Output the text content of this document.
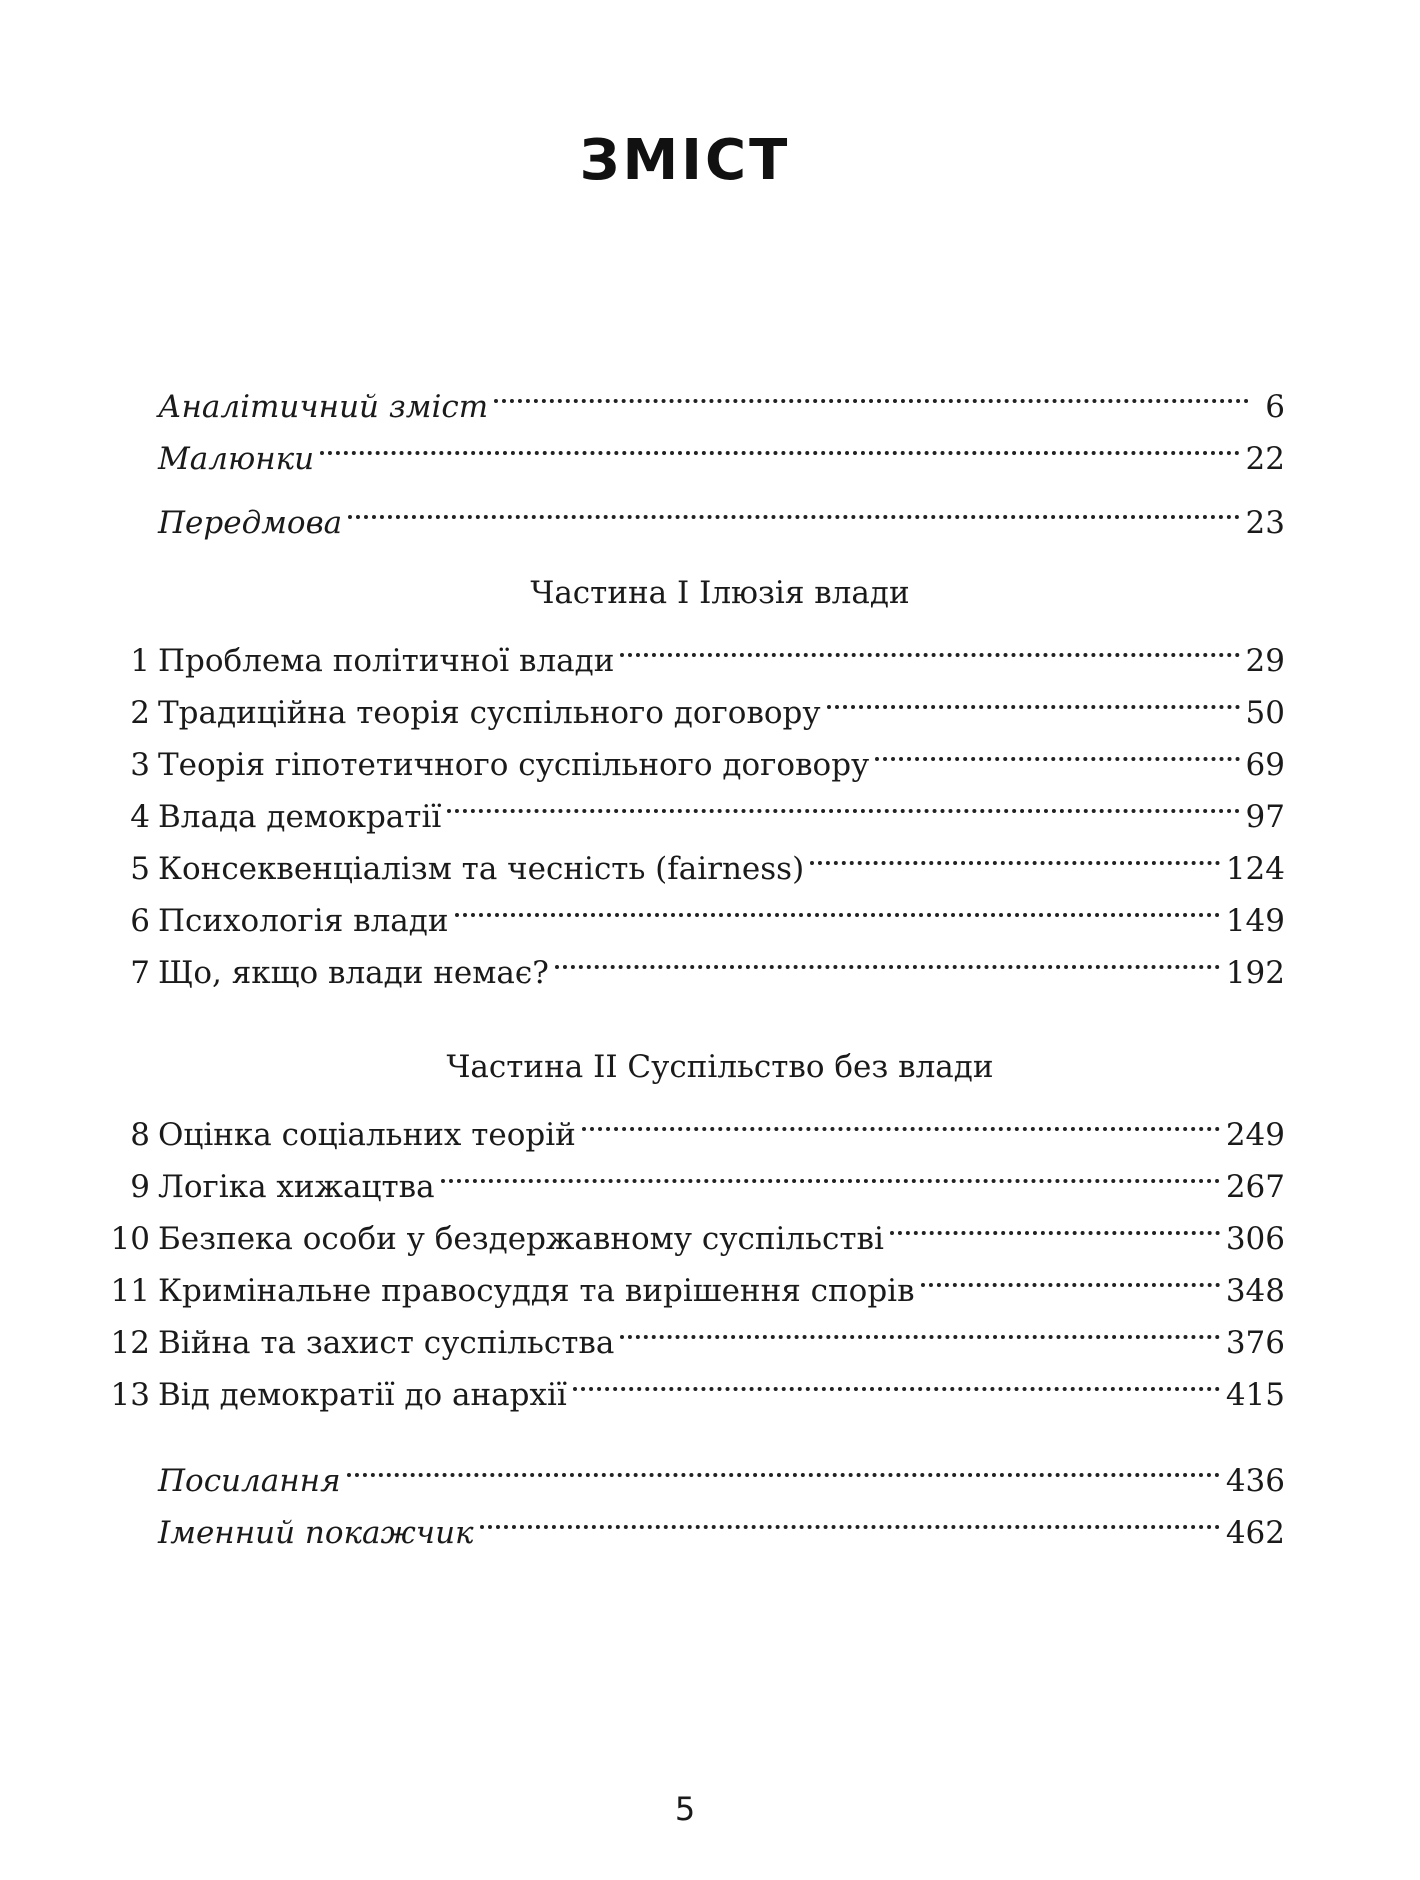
ЗМІСТ
Аналітичний зміст	6
Малюнки	22
Передмова	23
Частина І Ілюзія влади
1 Проблема політичної влади	29
2 Традиційна теорія суспільного договору	50
3 Теорія гіпотетичного суспільного договору	69
4 Влада демократії	97
5 Консеквенціалізм та чесність (fairness)	124
6 Психологія влади	149
7 Що, якщо влади немає?	192
Частина ІІ Суспільство без влади
8 Оцінка соціальних теорій	249
9 Логіка хижацтва	267
10 Безпека особи у бездержавному суспільстві	306
11 Кримінальне правосуддя та вирішення спорів	348
12 Війна та захист суспільства	376
13 Від демократії до анархії	415
Посилання	436
Іменний покажчик	462
5
